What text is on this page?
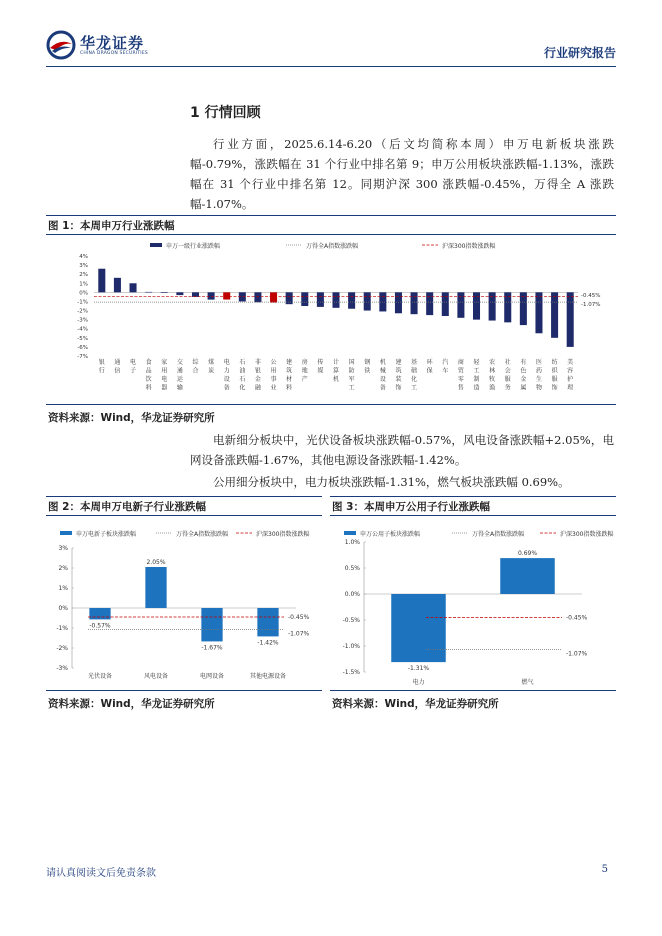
华龙证券
CHINA DRAGON SECURITIES	行业研究报告
1 行情回顾
行业方面，2025.6.14-6.20（后文均简称本周）申万电新板块涨跌幅-0.79%，涨跌幅在 31 个行业中排名第 9；申万公用板块涨跌幅-1.13%，涨跌幅在 31 个行业中排名第 12。同期沪深 300 涨跌幅-0.45%，万得全 A 涨跌幅-1.07%。
图 1：本周申万行业涨跌幅
申万一级行业涨跌幅	万得全A指数涨跌幅	沪深300指数涨跌幅
4%
3%
2%
1%
0%
-1%
-2%
-3%
-4%
-5%
-6%
-7%
银
行
通
信
电
子
食
品
饮
料
家
用
电
器
交
通
运
输
综
合
煤
炭
电
力
设
备
石
油
石
化
非
银
金
融
公
用
事
业
建
筑
材
料
房
地
产
传
媒
计
算
机
国
防
军
工
钢
铁
机
械
设
备
建
筑
装
饰
基
础
化
工
环
保
汽
车
商
贸
零
售
轻
工
制
造
农
林
牧
渔
社
会
服
务
有
色
金
属
医
药
生
物
纺
织
服
饰
美
容
护
理
-0.45%
-1.07%
资料来源：Wind，华龙证券研究所
电新细分板块中，光伏设备板块涨跌幅-0.57%，风电设备涨跌幅+2.05%，电网设备涨跌幅-1.67%，其他电源设备涨跌幅-1.42%。
公用细分板块中，电力板块涨跌幅-1.31%，燃气板块涨跌幅 0.69%。
图 2：本周申万电新子行业涨跌幅
申万电新子板块涨跌幅	万得全A指数涨跌幅	沪深300指数涨跌幅
3%
2%
1%
0%
-1%
-2%
-3%
-0.57%
光伏设备
2.05%
风电设备
-1.67%
电网设备
-1.42%
其他电源设备
-0.45%
-1.07%
资料来源：Wind，华龙证券研究所
图 3：本周申万公用子行业涨跌幅
申万公用子板块涨跌幅	万得全A指数涨跌幅	沪深300指数涨跌幅
1.0%
0.5%
0.0%
-0.5%
-1.0%
-1.5%
-1.31%
电力
0.69%
燃气
-0.45%
-1.07%
资料来源：Wind，华龙证券研究所
请认真阅读文后免责条款	5
